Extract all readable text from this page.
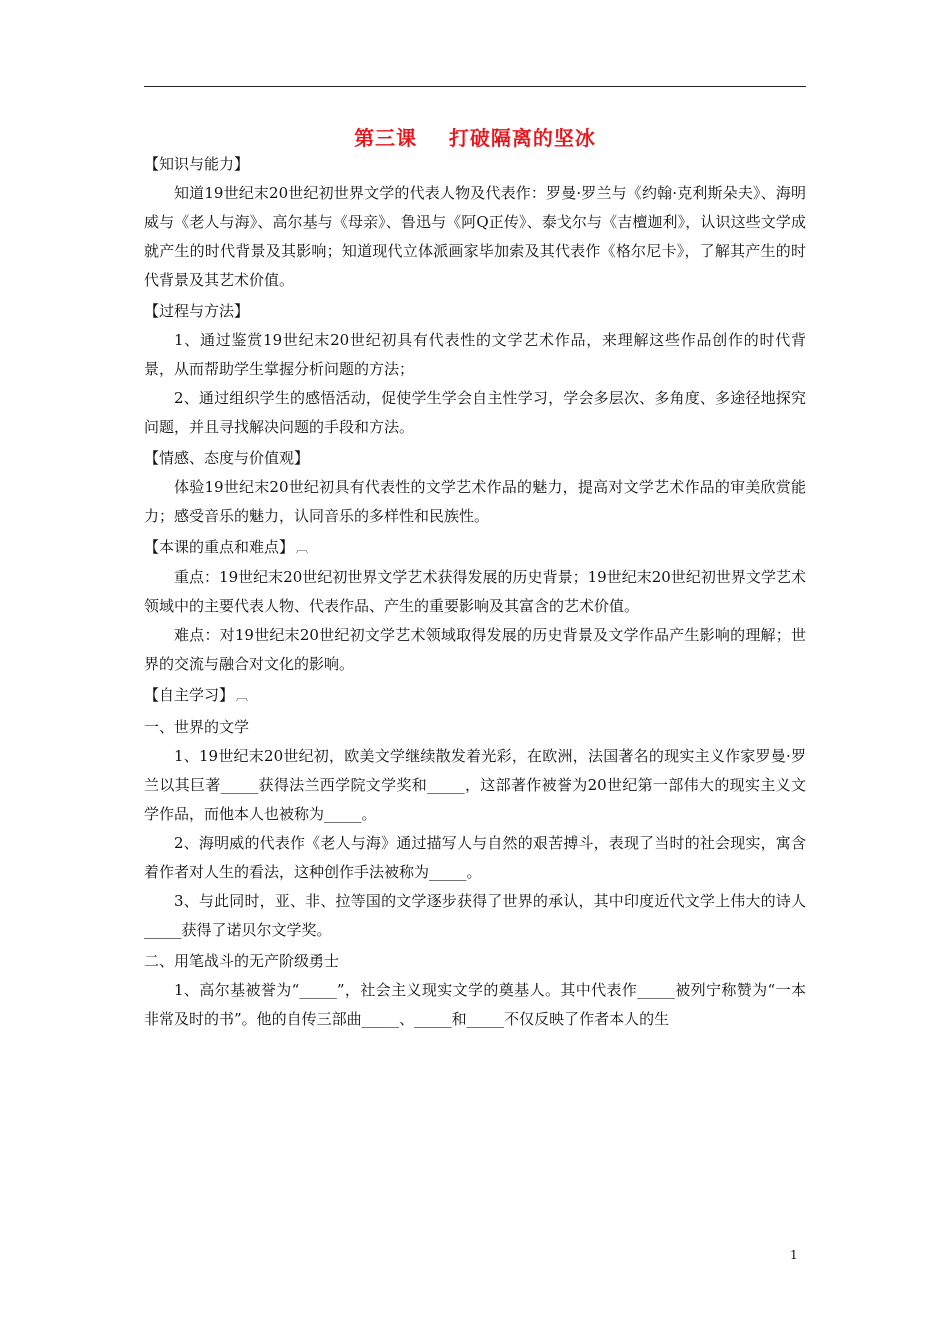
第三课    打破隔离的坚冰

【知识与能力】

知道19世纪末20世纪初世界文学的代表人物及代表作：罗曼·罗兰与《约翰·克利斯朵夫》、海明威与《老人与海》、高尔基与《母亲》、鲁迅与《阿Q正传》、泰戈尔与《吉檀迦利》，认识这些文学成就产生的时代背景及其影响；知道现代立体派画家毕加索及其代表作《格尔尼卡》，了解其产生的时代背景及其艺术价值。

【过程与方法】

1、通过鉴赏19世纪末20世纪初具有代表性的文学艺术作品，来理解这些作品创作的时代背景，从而帮助学生掌握分析问题的方法；

2、通过组织学生的感悟活动，促使学生学会自主性学习，学会多层次、多角度、多途径地探究问题，并且寻找解决问题的手段和方法。

【情感、态度与价值观】

体验19世纪末20世纪初具有代表性的文学艺术作品的魅力，提高对文学艺术作品的审美欣赏能力；感受音乐的魅力，认同音乐的多样性和民族性。

【本课的重点和难点】 ︹

重点：19世纪末20世纪初世界文学艺术获得发展的历史背景；19世纪末20世纪初世界文学艺术领域中的主要代表人物、代表作品、产生的重要影响及其富含的艺术价值。

难点：对19世纪末20世纪初文学艺术领域取得发展的历史背景及文学作品产生影响的理解；世界的交流与融合对文化的影响。

【自主学习】 ︹

一、世界的文学

1、19世纪末20世纪初，欧美文学继续散发着光彩，在欧洲，法国著名的现实主义作家罗曼·罗兰以其巨著_____获得法兰西学院文学奖和_____，这部著作被誉为20世纪第一部伟大的现实主义文学作品，而他本人也被称为_____。

2、海明威的代表作《老人与海》通过描写人与自然的艰苦搏斗，表现了当时的社会现实，寓含着作者对人生的看法，这种创作手法被称为_____。

3、与此同时，亚、非、拉等国的文学逐步获得了世界的承认，其中印度近代文学上伟大的诗人_____获得了诺贝尔文学奖。

二、用笔战斗的无产阶级勇士

1、高尔基被誉为“_____”，社会主义现实文学的奠基人。其中代表作_____被列宁称赞为“一本非常及时的书”。他的自传三部曲_____、_____和_____不仅反映了作者本人的生

1
